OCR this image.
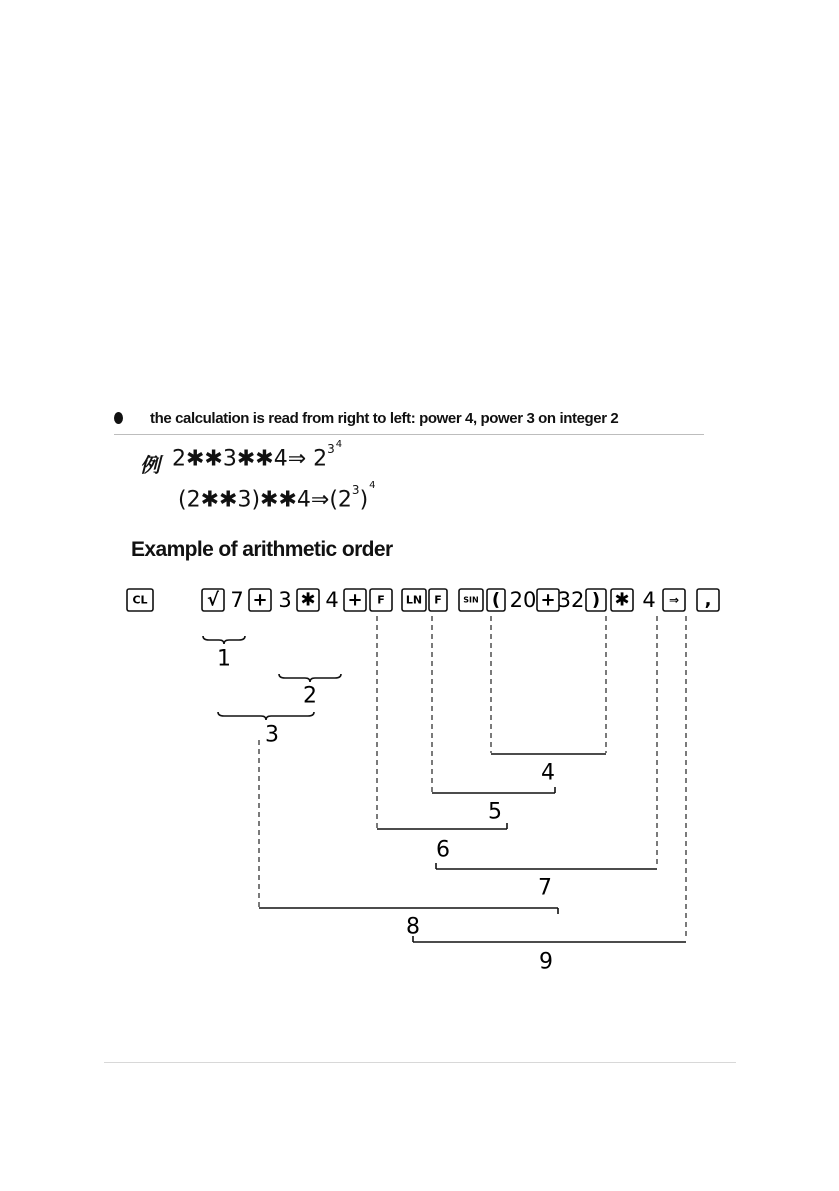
the calculation is read from right to left: power 4, power 3 on integer 2
例 2✱✱3✱✱4⇒ $2^{34}$
$(2✱✱3)✱✱4\Rightarrow(2^3)^4$
Example of arithmetic order
CL	√ 7 + 3 ✱ 4 + F LN F	SIN ( 20 + 32 ) ✱ 4 ⇒ ,
1
2
3
4
5
6
7
8
9
